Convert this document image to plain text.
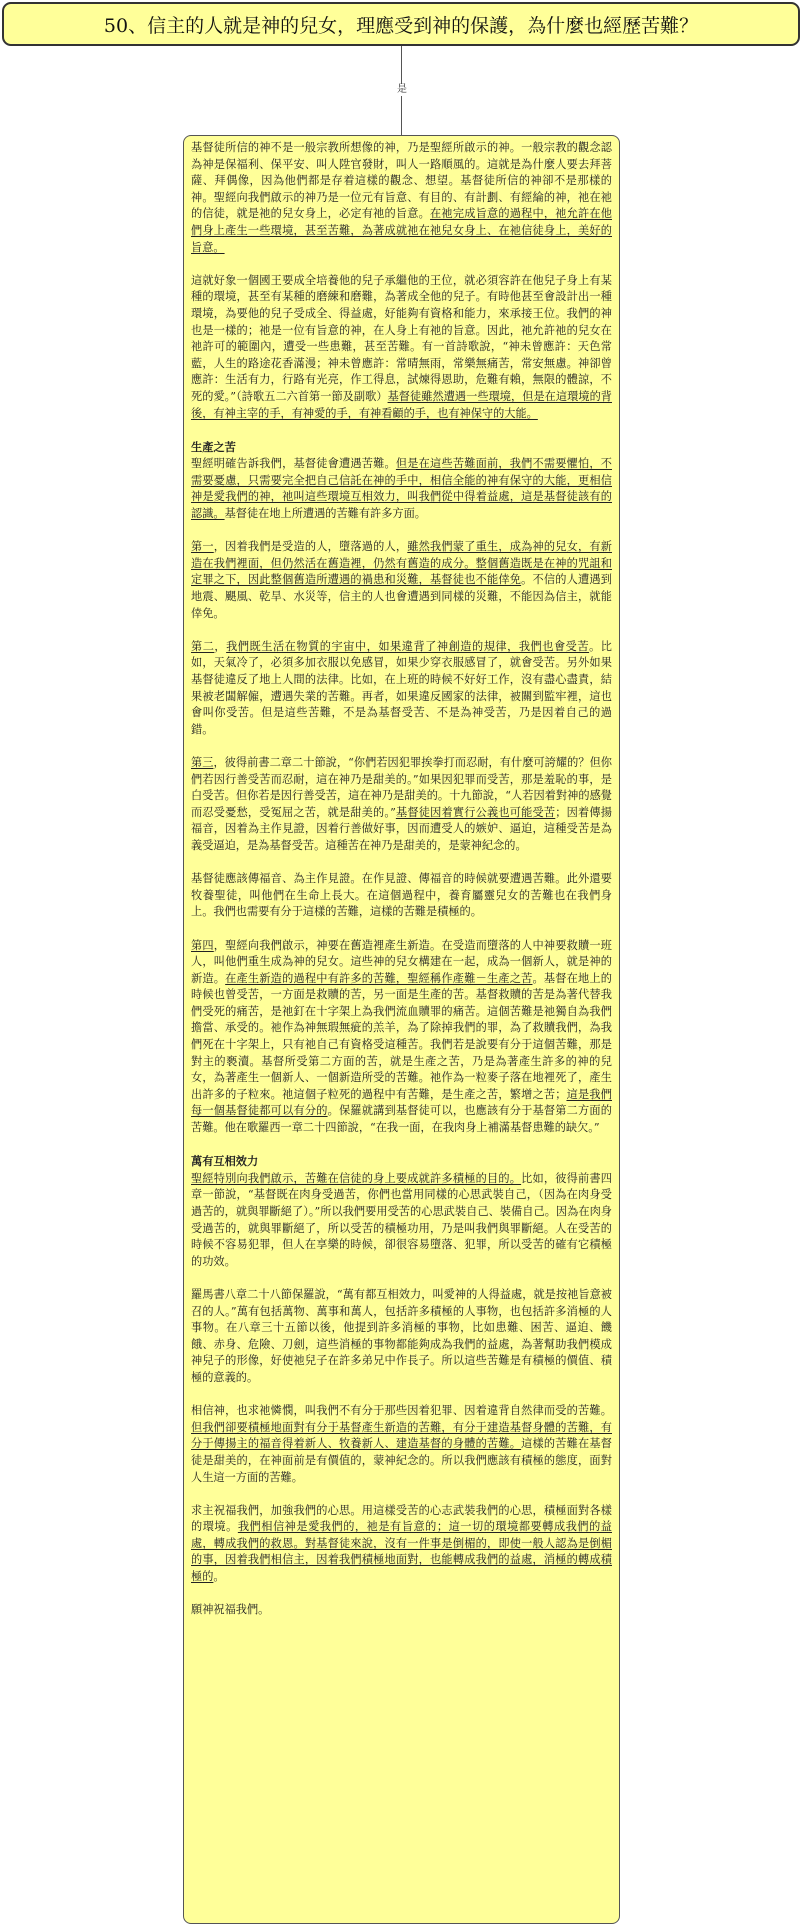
50、信主的人就是神的兒女，理應受到神的保護，為什麼也經歷苦難？
是

基督徒所信的神不是一般宗教所想像的神，乃是聖經所啟示的神。一般宗教的觀念認為神是保福利、保平安、叫人陞官發財，叫人一路順風的。這就是為什麼人要去拜菩薩、拜偶像，因為他們都是存着這樣的觀念、想望。基督徒所信的神卻不是那樣的神。聖經向我們啟示的神乃是一位元有旨意、有目的、有計劃、有經綸的神，祂在祂的信徒，就是祂的兒女身上，必定有祂的旨意。在祂完成旨意的過程中，祂允許在他們身上產生一些環境，甚至苦難，為著成就祂在祂兒女身上、在祂信徒身上，美好的旨意。

這就好象一個國王要成全培養他的兒子承繼他的王位，就必須容許在他兒子身上有某種的環境，甚至有某種的磨練和磨難，為著成全他的兒子。有時他甚至會設計出一種環境，為要他的兒子受成全、得益處，好能夠有資格和能力，來承接王位。我們的神也是一樣的；祂是一位有旨意的神，在人身上有祂的旨意。因此，祂允許祂的兒女在祂許可的範圍內，遭受一些患難，甚至苦難。有一首詩歌說，“神未曾應許：天色常藍，人生的路途花香滿漫；神未曾應許：常晴無雨，常樂無痛苦，常安無慮。神卻曾應許：生活有力，行路有光亮，作工得息，試煉得恩助，危難有賴，無限的體諒，不死的愛。”（詩歌五二六首第一節及副歌）基督徒雖然遭遇一些環境，但是在這環境的背後，有神主宰的手，有神愛的手，有神看顧的手，也有神保守的大能。

生產之苦
聖經明確告訴我們，基督徒會遭遇苦難。但是在這些苦難面前，我們不需要懼怕，不需要憂慮，只需要完全把自己信託在神的手中，相信全能的神有保守的大能，更相信神是愛我們的神，祂叫這些環境互相效力，叫我們從中得着益處，這是基督徒該有的認識。基督徒在地上所遭遇的苦難有許多方面。

第一，因着我們是受造的人，墮落過的人，雖然我們蒙了重生，成為神的兒女，有新造在我們裡面，但仍然活在舊造裡，仍然有舊造的成分。整個舊造既是在神的咒詛和定罪之下，因此整個舊造所遭遇的禍患和災難，基督徒也不能倖免。不信的人遭遇到地震、颶風、乾旱、水災等，信主的人也會遭遇到同樣的災難，不能因為信主，就能倖免。

第二，我們既生活在物質的宇宙中，如果違背了神創造的規律，我們也會受苦。比如，天氣冷了，必須多加衣服以免感冒，如果少穿衣服感冒了，就會受苦。另外如果基督徒違反了地上人間的法律。比如，在上班的時候不好好工作，沒有盡心盡責，結果被老闆解僱，遭遇失業的苦難。再者，如果違反國家的法律，被關到監牢裡，這也會叫你受苦。但是這些苦難，不是為基督受苦、不是為神受苦，乃是因着自己的過錯。

第三，彼得前書二章二十節說，“你們若因犯罪挨拳打而忍耐，有什麼可誇耀的？但你們若因行善受苦而忍耐，這在神乃是甜美的。”如果因犯罪而受苦，那是羞恥的事，是白受苦。但你若是因行善受苦，這在神乃是甜美的。十九節說，“人若因着對神的感覺而忍受憂愁，受冤屈之苦，就是甜美的。”基督徒因着實行公義也可能受苦；因着傳揚福音，因着為主作見證，因着行善做好事，因而遭受人的嫉妒、逼迫，這種受苦是為義受逼迫，是為基督受苦。這種苦在神乃是甜美的，是蒙神紀念的。

基督徒應該傳福音、為主作見證。在作見證、傳福音的時候就要遭遇苦難。此外還要牧養聖徒，叫他們在生命上長大。在這個過程中，養育屬靈兒女的苦難也在我們身上。我們也需要有分于這樣的苦難，這樣的苦難是積極的。

第四，聖經向我們啟示，神要在舊造裡產生新造。在受造而墮落的人中神要救贖一班人，叫他們重生成為神的兒女。這些神的兒女構建在一起，成為一個新人，就是神的新造。在產生新造的過程中有許多的苦難，聖經稱作產難－生產之苦。基督在地上的時候也曾受苦，一方面是救贖的苦，另一面是生產的苦。基督救贖的苦是為著代替我們受死的痛苦，是祂釘在十字架上為我們流血贖罪的痛苦。這個苦難是祂獨自為我們擔當、承受的。祂作為神無瑕無疵的羔羊，為了除掉我們的罪，為了救贖我們，為我們死在十字架上，只有祂自己有資格受這種苦。我們若是說要有分于這個苦難，那是對主的褻瀆。基督所受第二方面的苦，就是生產之苦，乃是為著產生許多的神的兒女，為著產生一個新人、一個新造所受的苦難。祂作為一粒麥子落在地裡死了，產生出許多的子粒來。祂這個子粒死的過程中有苦難，是生產之苦，繁增之苦；這是我們每一個基督徒都可以有分的。保羅就講到基督徒可以，也應該有分于基督第二方面的苦難。他在歌羅西一章二十四節說，“在我一面，在我肉身上補滿基督患難的缺欠。”

萬有互相效力
聖經特別向我們啟示，苦難在信徒的身上要成就許多積極的目的。比如，彼得前書四章一節說，“基督既在肉身受過苦，你們也當用同樣的心思武裝自己，（因為在肉身受過苦的，就與罪斷絕了）。”所以我們要用受苦的心思武裝自己、裝備自己。因為在肉身受過苦的，就與罪斷絕了，所以受苦的積極功用，乃是叫我們與罪斷絕。人在受苦的時候不容易犯罪，但人在享樂的時候，卻很容易墮落、犯罪，所以受苦的確有它積極的功效。

羅馬書八章二十八節保羅說，“萬有都互相效力，叫愛神的人得益處，就是按祂旨意被召的人。”萬有包括萬物、萬事和萬人，包括許多積極的人事物，也包括許多消極的人事物。在八章三十五節以後，他提到許多消極的事物，比如患難、困苦、逼迫、饑餓、赤身、危險、刀劍，這些消極的事物都能夠成為我們的益處，為著幫助我們模成神兒子的形像，好使祂兒子在許多弟兄中作長子。所以這些苦難是有積極的價值、積極的意義的。

相信神，也求祂憐憫，叫我們不有分于那些因着犯罪、因着違背自然律而受的苦難。但我們卻要積極地面對有分于基督產生新造的苦難，有分于建造基督身體的苦難，有分于傳揚主的福音得着新人、牧養新人、建造基督的身體的苦難。這樣的苦難在基督徒是甜美的，在神面前是有價值的，蒙神紀念的。所以我們應該有積極的態度，面對人生這一方面的苦難。

求主祝福我們，加強我們的心思。用這樣受苦的心志武裝我們的心思，積極面對各樣的環境。我們相信神是愛我們的，祂是有旨意的；這一切的環境都要轉成我們的益處，轉成我們的救恩。對基督徒來說，沒有一件事是倒楣的，即使一般人認為是倒楣的事，因着我們相信主，因着我們積極地面對，也能轉成我們的益處，消極的轉成積極的。

願神祝福我們。
